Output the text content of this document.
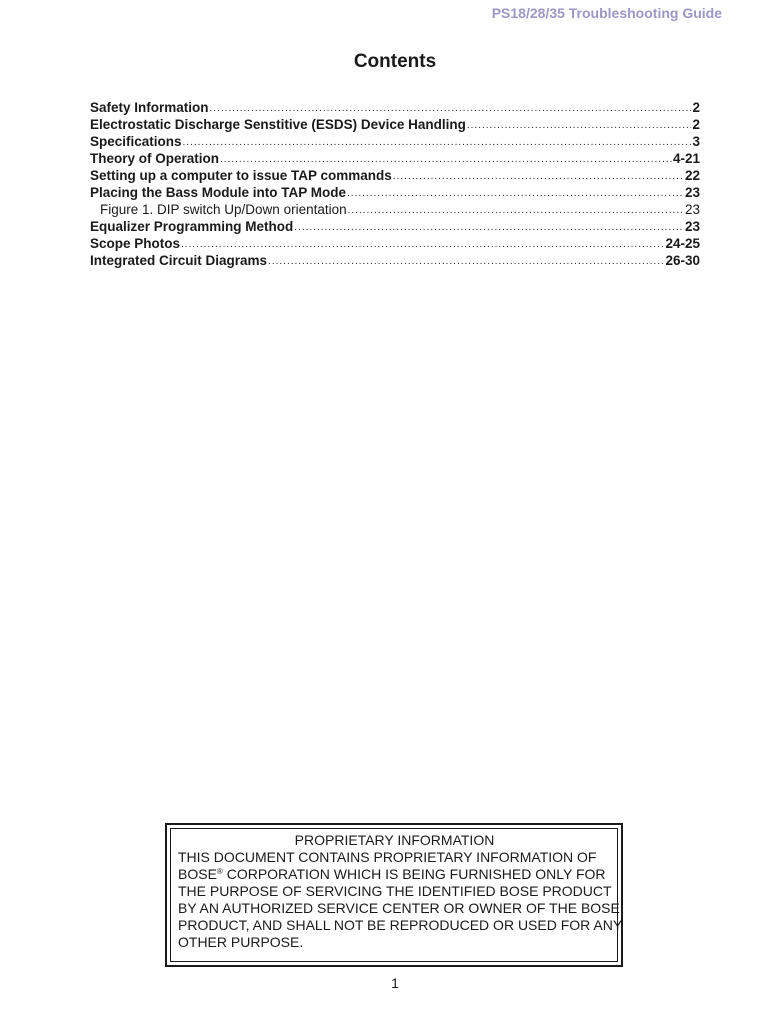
PS18/28/35 Troubleshooting Guide
Contents
Safety Information .....	2
Electrostatic Discharge Senstitive (ESDS) Device Handling .....	2
Specifications .....	3
Theory of Operation .....	4-21
Setting up a computer to issue TAP commands .....	22
Placing the Bass Module into TAP Mode .....	23
Figure 1. DIP switch Up/Down orientation .....	23
Equalizer Programming Method .....	23
Scope Photos .....	24-25
Integrated Circuit Diagrams .....	26-30
PROPRIETARY INFORMATION
THIS DOCUMENT CONTAINS PROPRIETARY INFORMATION OF
BOSE® CORPORATION WHICH IS BEING FURNISHED ONLY FOR
THE PURPOSE OF SERVICING THE IDENTIFIED BOSE PRODUCT
BY AN AUTHORIZED SERVICE CENTER OR OWNER OF THE BOSE
PRODUCT, AND SHALL NOT BE REPRODUCED OR USED FOR ANY
OTHER PURPOSE.
1
